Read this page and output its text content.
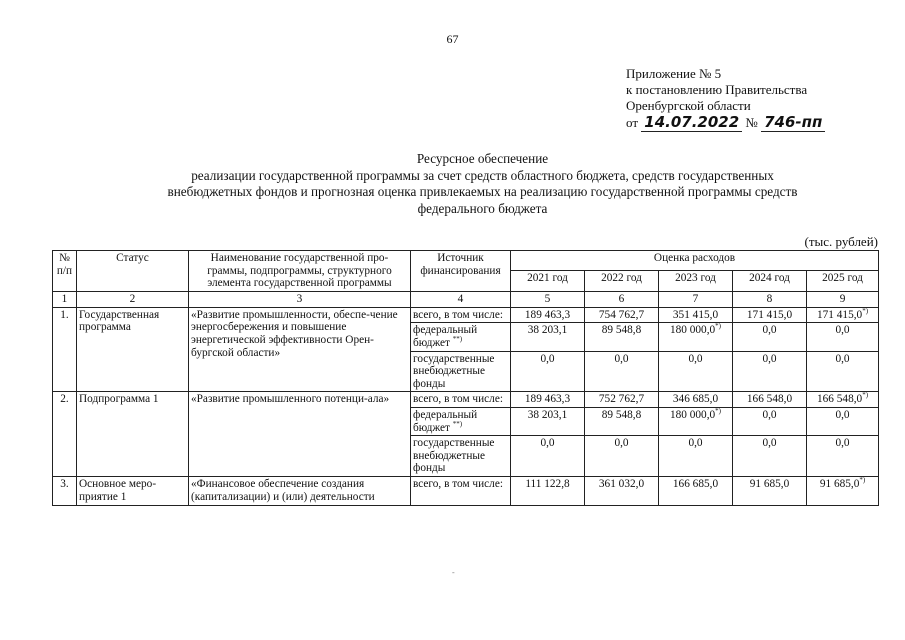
67
Приложение № 5
к постановлению Правительства
Оренбургской области
от 14.07.2022 № 746-пп
Ресурсное обеспечение
реализации государственной программы за счет средств областного бюджета, средств государственных
внебюджетных фондов и прогнозная оценка привлекаемых на реализацию государственной программы средств
федерального бюджета
(тыс. рублей)
№ п/п	Статус	Наименование государственной про-граммы, подпрограммы, структурного элемента государственной программы	Источник финансирования	Оценка расходов				
				2021 год	2022 год	2023 год	2024 год	2025 год
1	2	3	4	5	6	7	8	9
1.	Государственная программа	«Развитие промышленности, обеспе-чение энергосбережения и повышение энергетической эффективности Орен-бургской области»	всего, в том числе:	189 463,3	754 762,7	351 415,0	171 415,0	171 415,0*)
			федеральный бюджет **)	38 203,1	89 548,8	180 000,0*)	0,0	0,0
			государственные внебюджетные фонды	0,0	0,0	0,0	0,0	0,0
2.	Подпрограмма 1	«Развитие промышленного потенци-ала»	всего, в том числе:	189 463,3	752 762,7	346 685,0	166 548,0	166 548,0*)
			федеральный бюджет **)	38 203,1	89 548,8	180 000,0*)	0,0	0,0
			государственные внебюджетные фонды	0,0	0,0	0,0	0,0	0,0
3.	Основное меро-приятие 1	«Финансовое обеспечение создания (капитализации) и (или) деятельности	всего, в том числе:	111 122,8	361 032,0	166 685,0	91 685,0	91 685,0*)
-
